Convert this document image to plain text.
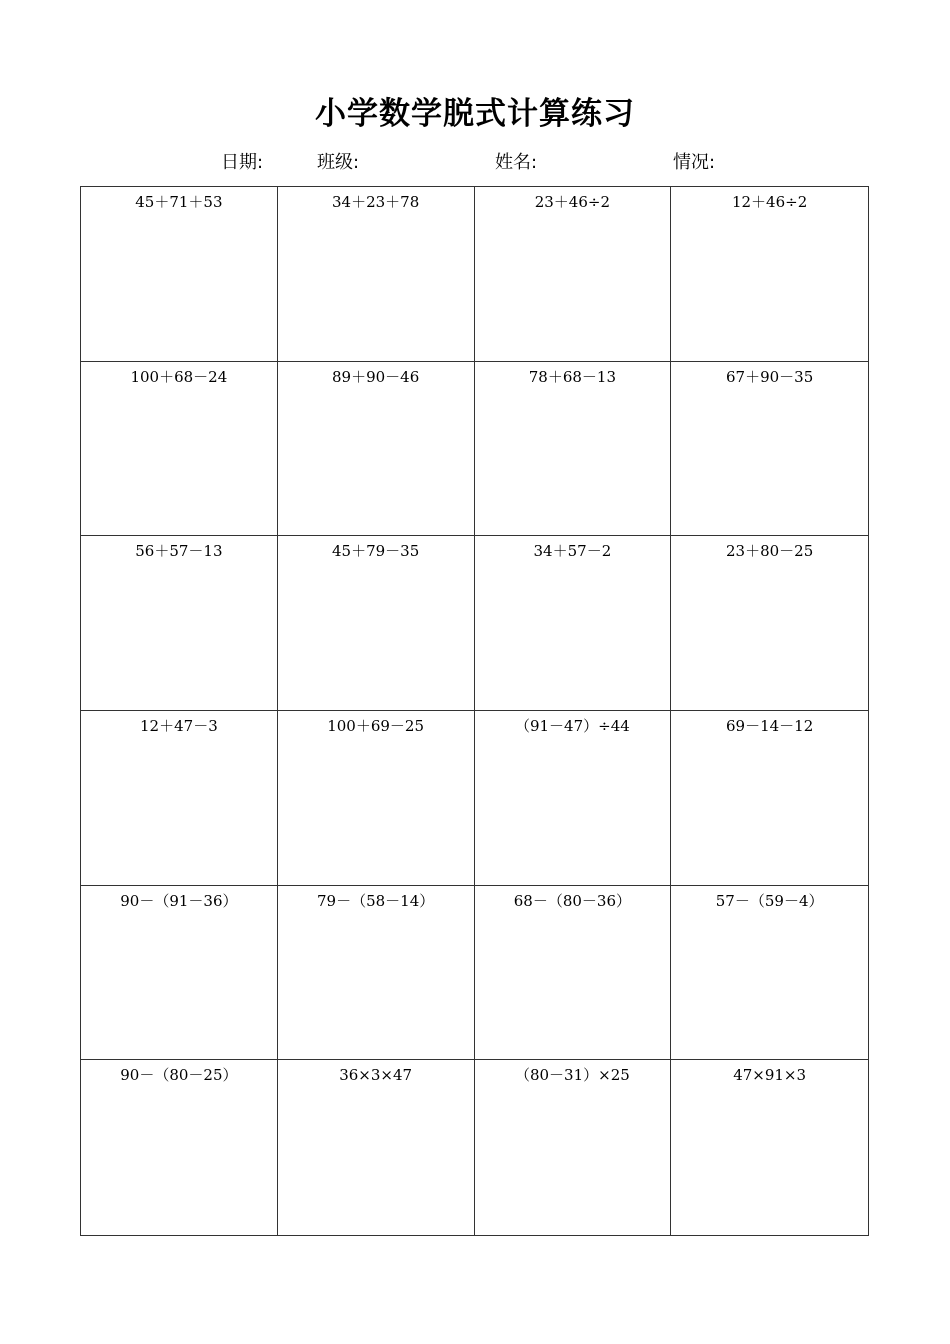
小学数学脱式计算练习
日期:	班级:	姓名:	情况:
45＋71＋53	34＋23＋78	23＋46÷2	12＋46÷2
100＋68－24	89＋90－46	78＋68－13	67＋90－35
56＋57－13	45＋79－35	34＋57－2	23＋80－25
12＋47－3	100＋69－25	（91－47）÷44	69－14－12
90－（91－36）	79－（58－14）	68－（80－36）	57－（59－4）
90－（80－25）	36×3×47	（80－31）×25	47×91×3
